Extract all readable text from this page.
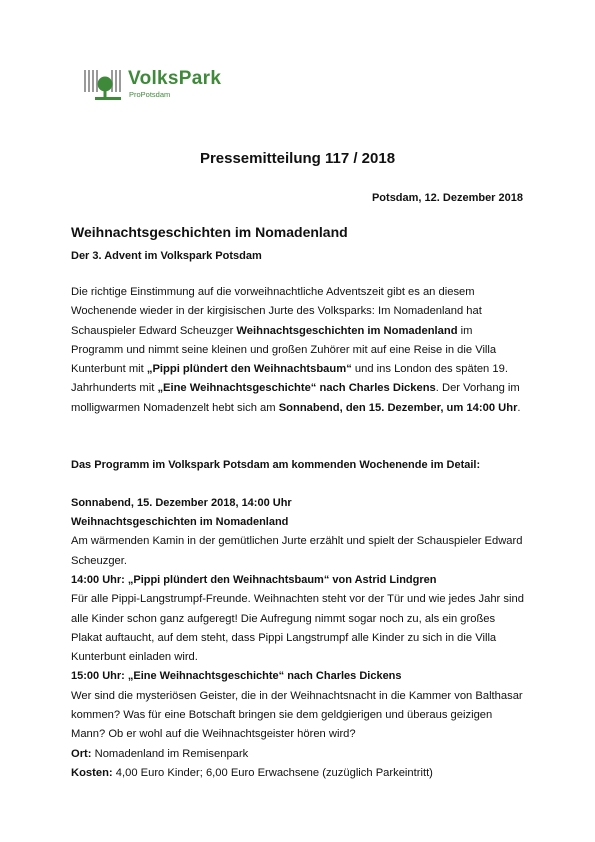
VolksPark
ProPotsdam
Pressemitteilung 117 / 2018
Potsdam, 12. Dezember 2018
Weihnachtsgeschichten im Nomadenland
Der 3. Advent im Volkspark Potsdam

Die richtige Einstimmung auf die vorweihnachtliche Adventszeit gibt es an diesem Wochenende wieder in der kirgisischen Jurte des Volksparks: Im Nomadenland hat Schauspieler Edward Scheuzger Weihnachtsgeschichten im Nomadenland im Programm und nimmt seine kleinen und großen Zuhörer mit auf eine Reise in die Villa Kunterbunt mit „Pippi plündert den Weihnachtsbaum“ und ins London des späten 19. Jahrhunderts mit „Eine Weihnachtsgeschichte“ nach Charles Dickens. Der Vorhang im molligwarmen Nomadenzelt hebt sich am Sonnabend, den 15. Dezember, um 14:00 Uhr.

Das Programm im Volkspark Potsdam am kommenden Wochenende im Detail:
Sonnabend, 15. Dezember 2018, 14:00 Uhr
Weihnachtsgeschichten im Nomadenland

Am wärmenden Kamin in der gemütlichen Jurte erzählt und spielt der Schauspieler Edward Scheuzger.

14:00 Uhr: „Pippi plündert den Weihnachtsbaum“ von Astrid Lindgren

Für alle Pippi-Langstrumpf-Freunde. Weihnachten steht vor der Tür und wie jedes Jahr sind alle Kinder schon ganz aufgeregt! Die Aufregung nimmt sogar noch zu, als ein großes Plakat auftaucht, auf dem steht, dass Pippi Langstrumpf alle Kinder zu sich in die Villa Kunterbunt einladen wird.

15:00 Uhr: „Eine Weihnachtsgeschichte“ nach Charles Dickens

Wer sind die mysteriösen Geister, die in der Weihnachtsnacht in die Kammer von Balthasar kommen? Was für eine Botschaft bringen sie dem geldgierigen und überaus geizigen Mann? Ob er wohl auf die Weihnachtsgeister hören wird?

Ort: Nomadenland im Remisenpark

Kosten: 4,00 Euro Kinder; 6,00 Euro Erwachsene (zuzüglich Parkeintritt)
